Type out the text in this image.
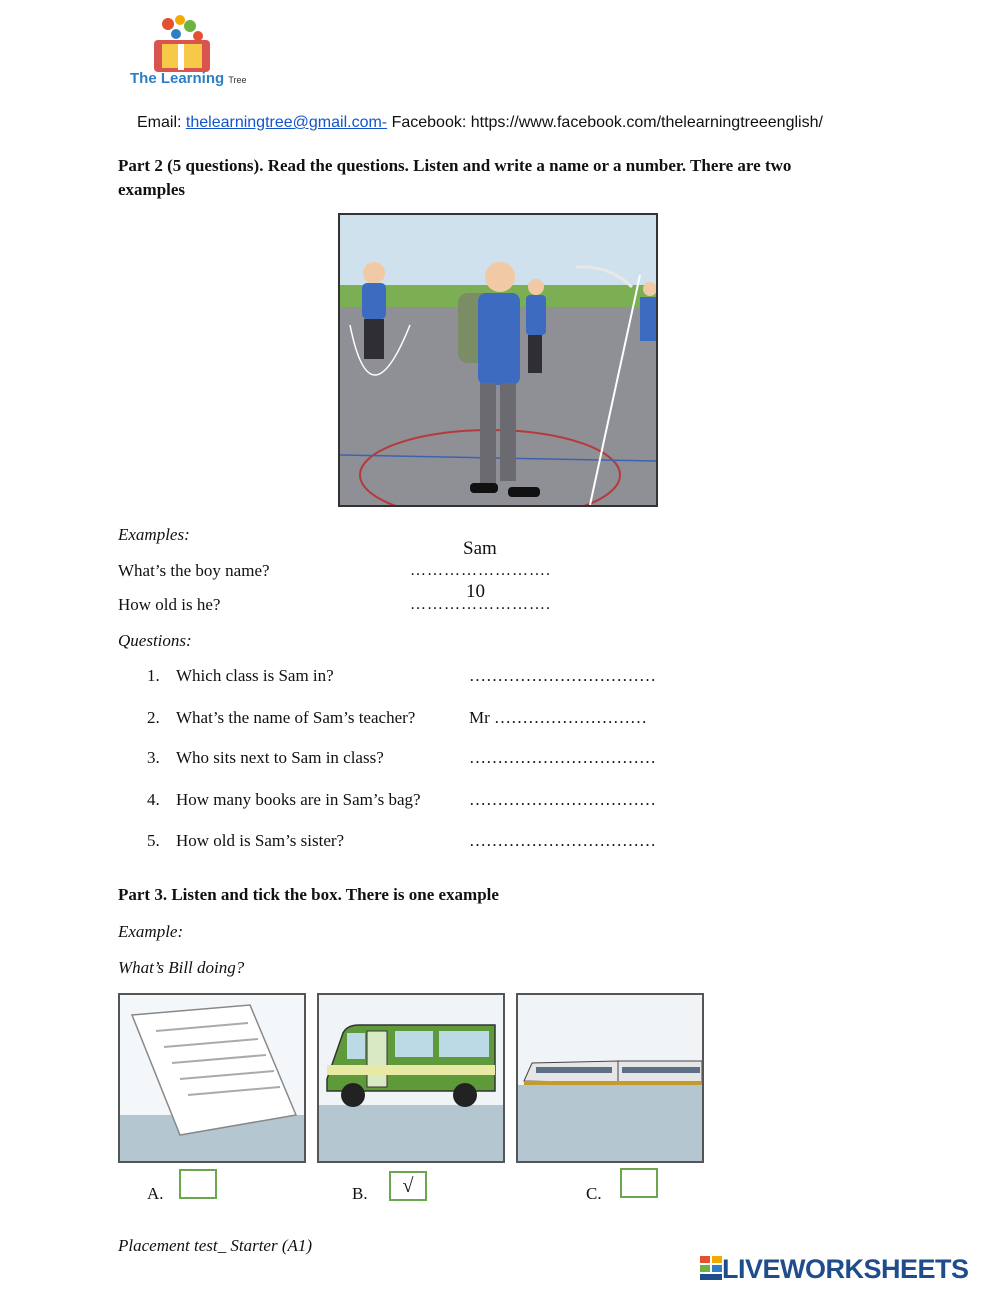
The Learning Tree
Email: thelearningtree@gmail.com- Facebook: https://www.facebook.com/thelearningtreeenglish/
Part 2 (5 questions). Read the questions. Listen and write a name or a number. There are two
examples
Examples:
What’s the boy name?
Sam
…………………….
How old is he?
10
…………………….
Questions:
1. Which class is Sam in?	……………………………
2. What’s the name of Sam’s teacher?	Mr ………………………
3. Who sits next to Sam in class?	……………………………
4. How many books are in Sam’s bag?	……………………………
5. How old is Sam’s sister?	……………………………
Part 3. Listen and tick the box. There is one example
Example:
What’s Bill doing?
A.	B.	√	C.
Placement test_ Starter (A1)
LIVEWORKSHEETS
